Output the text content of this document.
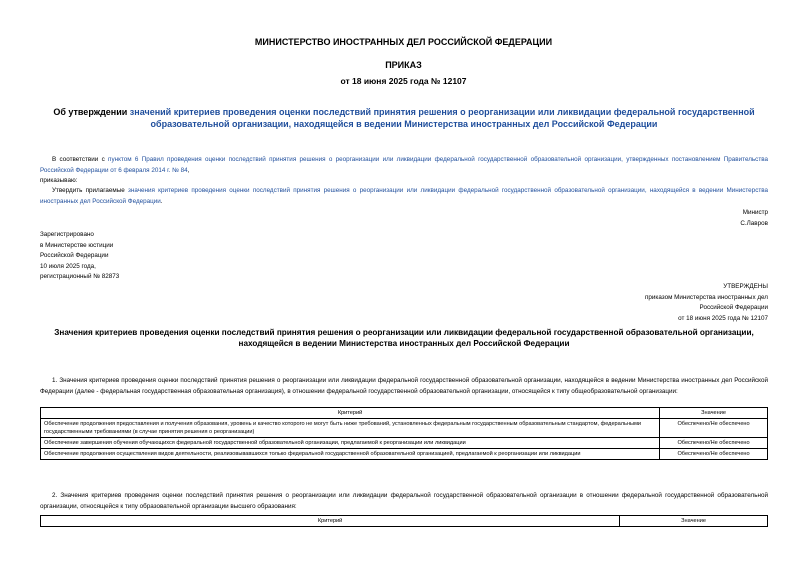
МИНИСТЕРСТВО ИНОСТРАННЫХ ДЕЛ РОССИЙСКОЙ ФЕДЕРАЦИИ
ПРИКАЗ
от 18 июня 2025 года № 12107
Об утверждении значений критериев проведения оценки последствий принятия решения о реорганизации или ликвидации федеральной государственной образовательной организации, находящейся в ведении Министерства иностранных дел Российской Федерации
В соответствии с пунктом 6 Правил проведения оценки последствий принятия решения о реорганизации или ликвидации федеральной государственной образовательной организации, утвержденных постановлением Правительства Российской Федерации от 6 февраля 2014 г. № 84,
приказываю:
Утвердить прилагаемые значения критериев проведения оценки последствий принятия решения о реорганизации или ликвидации федеральной государственной образовательной организации, находящейся в ведении Министерства иностранных дел Российской Федерации.
Министр
С.Лавров
Зарегистрировано
в Министерстве юстиции
Российской Федерации
10 июля 2025 года,
регистрационный № 82873
УТВЕРЖДЕНЫ
приказом Министерства иностранных дел
Российской Федерации
от 18 июня 2025 года № 12107
Значения критериев проведения оценки последствий принятия решения о реорганизации или ликвидации федеральной государственной образовательной организации, находящейся в ведении Министерства иностранных дел Российской Федерации
1. Значения критериев проведения оценки последствий принятия решения о реорганизации или ликвидации федеральной государственной образовательной организации, находящейся в ведении Министерства иностранных дел Российской Федерации (далее - федеральная государственная образовательная организация), в отношении федеральной государственной образовательной организации, относящейся к типу общеобразовательной организации:
Критерий	Значение
Обеспечение продолжения предоставления и получения образования, уровень и качество которого не могут быть ниже требований, установленных федеральным государственным образовательным стандартом, федеральными государственными требованиями (в случае принятия решения о реорганизации)	Обеспечено/Не обеспечено
Обеспечение завершения обучения обучающихся федеральной государственной образовательной организации, предлагаемой к реорганизации или ликвидации	Обеспечено/Не обеспечено
Обеспечение продолжения осуществления видов деятельности, реализовывавшихся только федеральной государственной образовательной организацией, предлагаемой к реорганизации или ликвидации	Обеспечено/Не обеспечено
2. Значения критериев проведения оценки последствий принятия решения о реорганизации или ликвидации федеральной государственной образовательной организации в отношении федеральной государственной образовательной организации, относящейся к типу образовательной организации высшего образования:
Критерий	Значение
